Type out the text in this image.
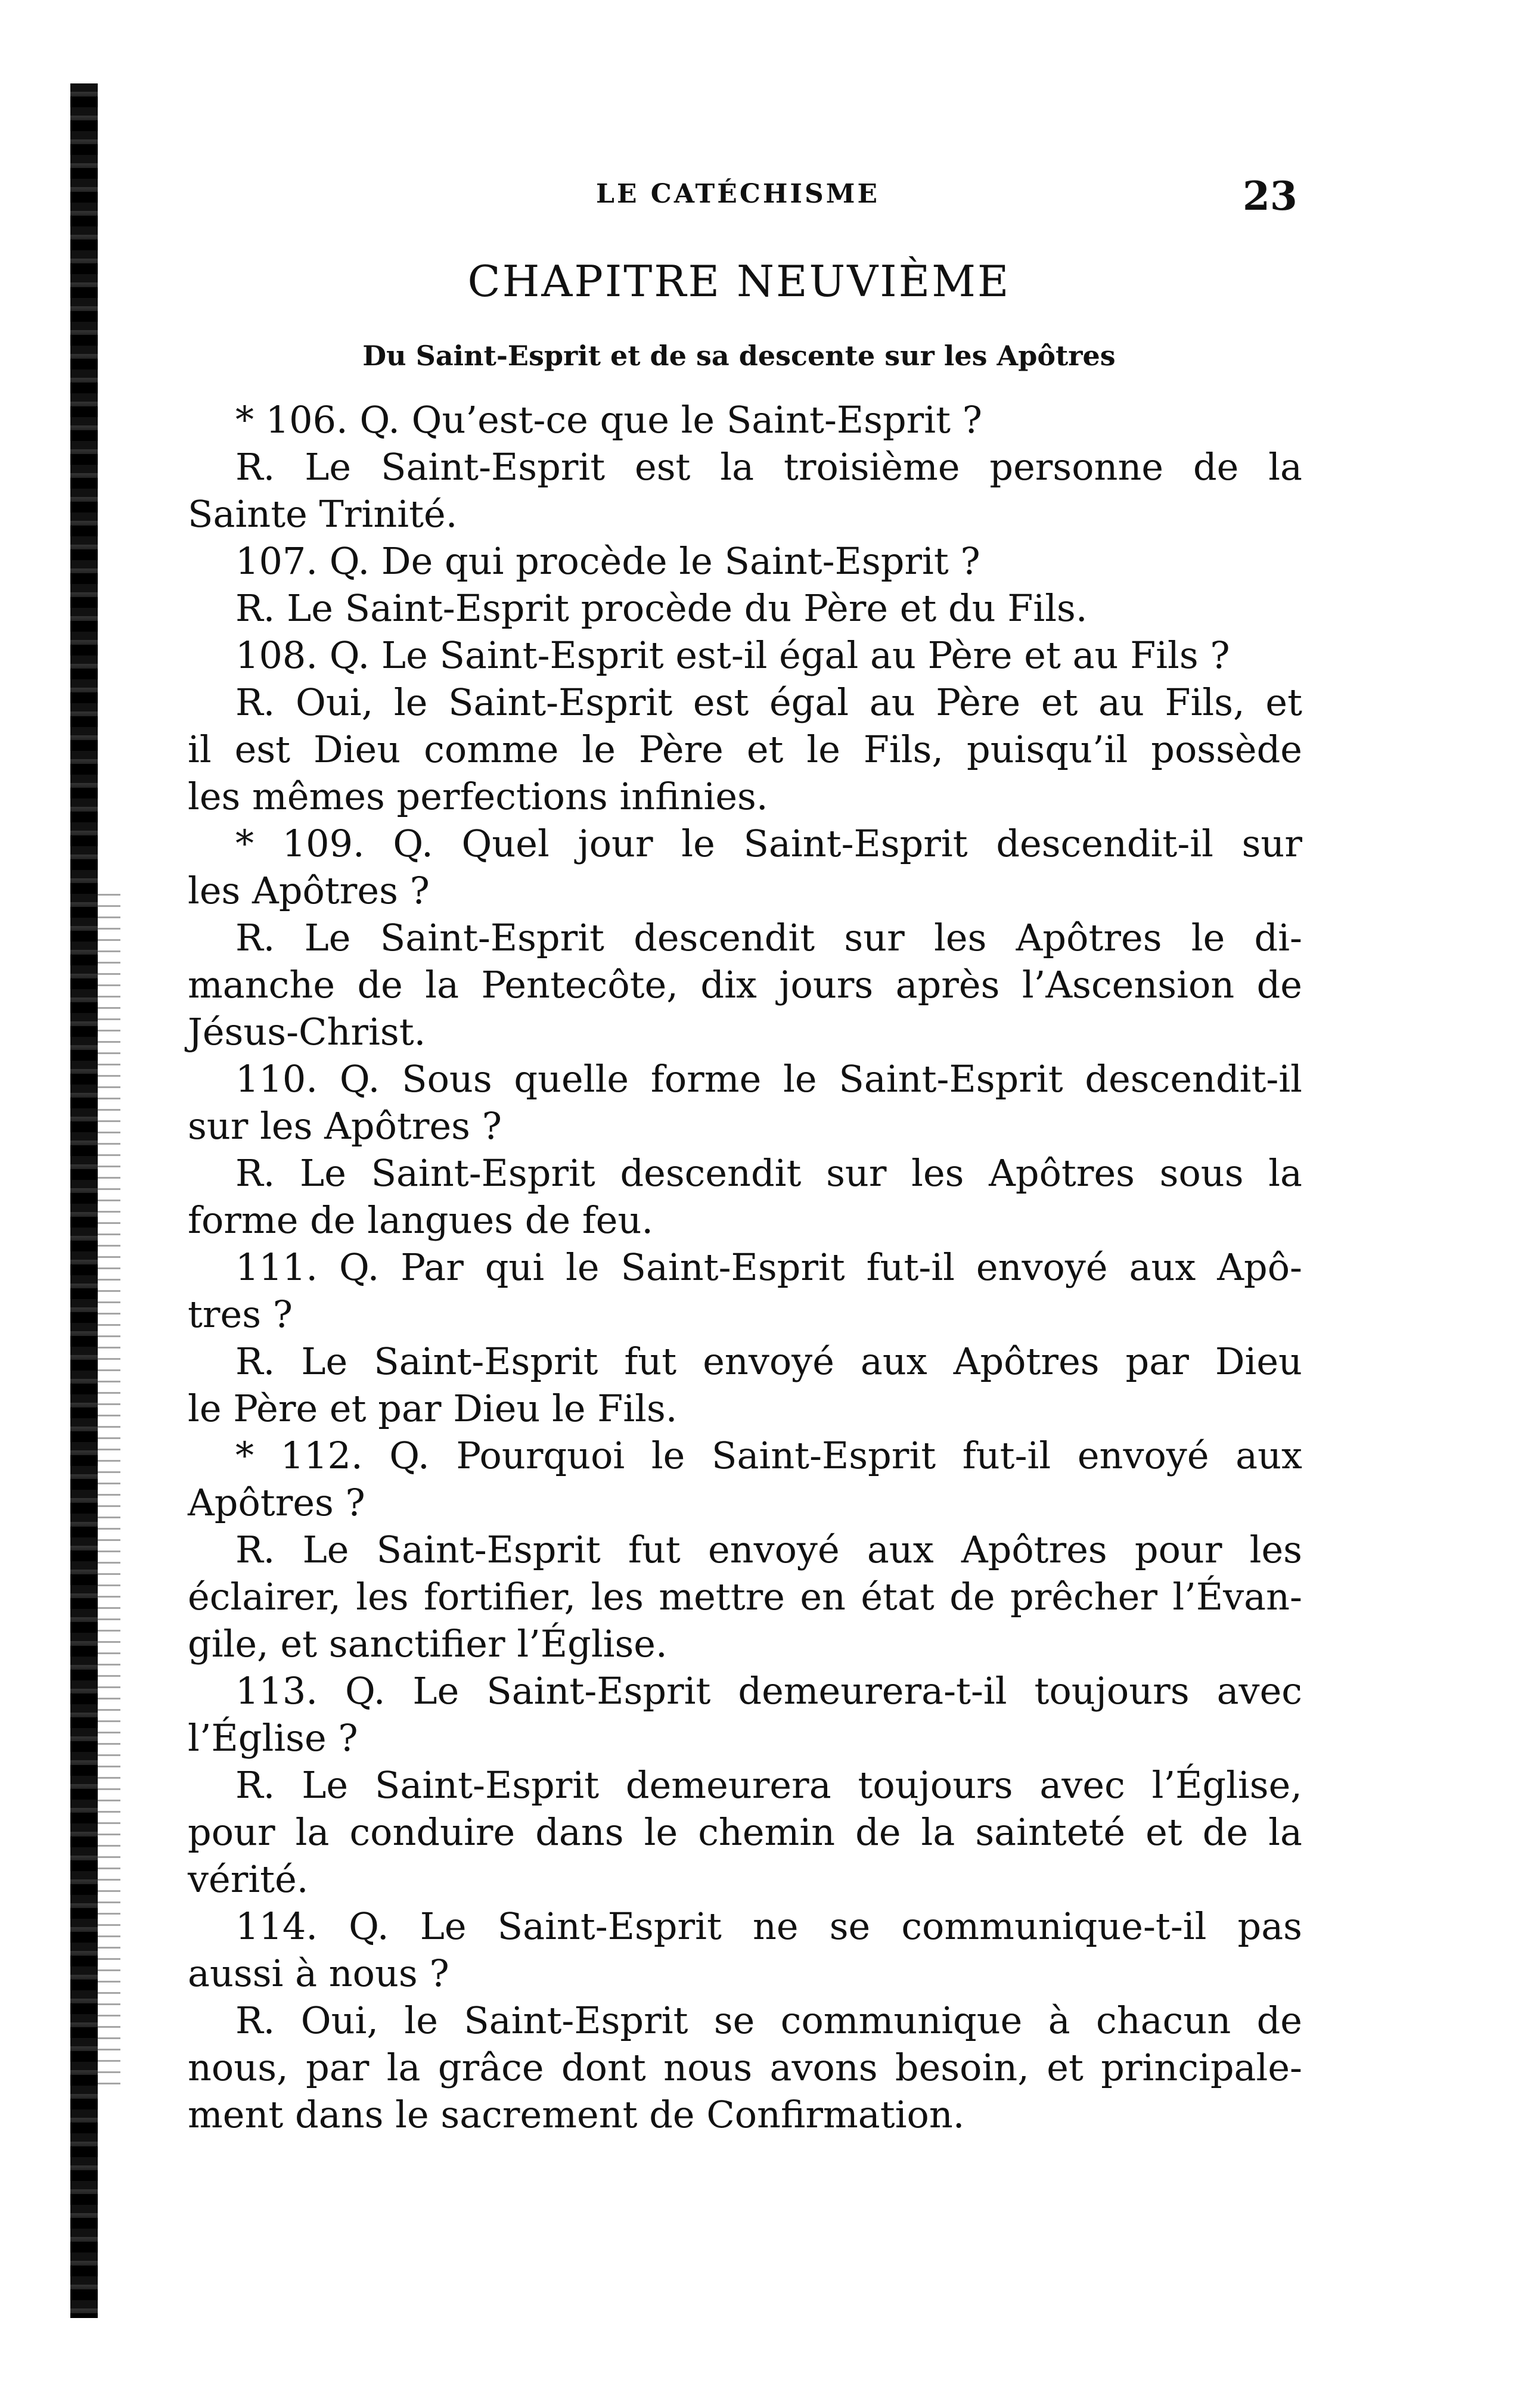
LE CATÉCHISME	23
CHAPITRE NEUVIÈME
Du Saint-Esprit et de sa descente sur les Apôtres
* 106. Q. Qu’est-ce que le Saint-Esprit ?
R. Le Saint-Esprit est la troisième personne de la
Sainte Trinité.
107. Q. De qui procède le Saint-Esprit ?
R. Le Saint-Esprit procède du Père et du Fils.
108. Q. Le Saint-Esprit est-il égal au Père et au Fils ?
R. Oui, le Saint-Esprit est égal au Père et au Fils, et
il est Dieu comme le Père et le Fils, puisqu’il possède
les mêmes perfections infinies.
* 109. Q. Quel jour le Saint-Esprit descendit-il sur
les Apôtres ?
R. Le Saint-Esprit descendit sur les Apôtres le di-
manche de la Pentecôte, dix jours après l’Ascension de
Jésus-Christ.
110. Q. Sous quelle forme le Saint-Esprit descendit-il
sur les Apôtres ?
R. Le Saint-Esprit descendit sur les Apôtres sous la
forme de langues de feu.
111. Q. Par qui le Saint-Esprit fut-il envoyé aux Apô-
tres ?
R. Le Saint-Esprit fut envoyé aux Apôtres par Dieu
le Père et par Dieu le Fils.
* 112. Q. Pourquoi le Saint-Esprit fut-il envoyé aux
Apôtres ?
R. Le Saint-Esprit fut envoyé aux Apôtres pour les
éclairer, les fortifier, les mettre en état de prêcher l’Évan-
gile, et sanctifier l’Église.
113. Q. Le Saint-Esprit demeurera-t-il toujours avec
l’Église ?
R. Le Saint-Esprit demeurera toujours avec l’Église,
pour la conduire dans le chemin de la sainteté et de la
vérité.
114. Q. Le Saint-Esprit ne se communique-t-il pas
aussi à nous ?
R. Oui, le Saint-Esprit se communique à chacun de
nous, par la grâce dont nous avons besoin, et principale-
ment dans le sacrement de Confirmation.
